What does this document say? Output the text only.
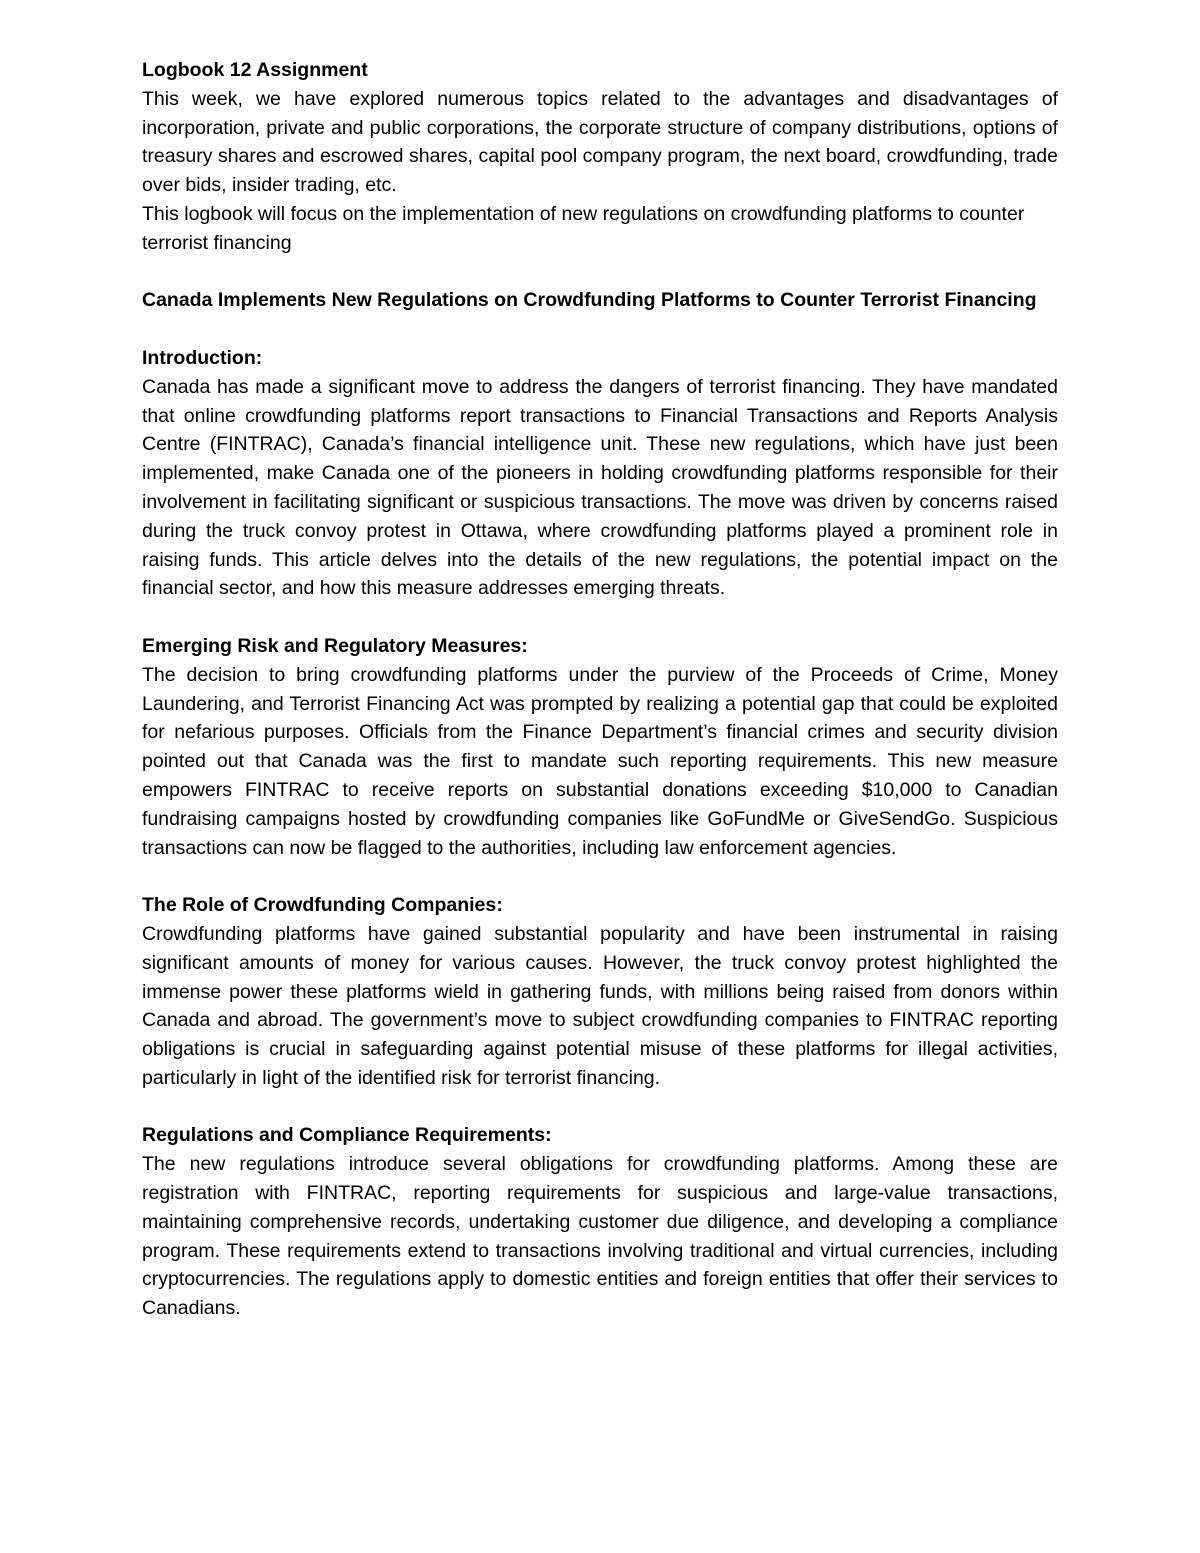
Logbook 12 Assignment

This week, we have explored numerous topics related to the advantages and disadvantages of incorporation, private and public corporations, the corporate structure of company distributions, options of treasury shares and escrowed shares, capital pool company program, the next board, crowdfunding, trade over bids, insider trading, etc.

This logbook will focus on the implementation of new regulations on crowdfunding platforms to counter terrorist financing

Canada Implements New Regulations on Crowdfunding Platforms to Counter Terrorist Financing

Introduction:

Canada has made a significant move to address the dangers of terrorist financing. They have mandated that online crowdfunding platforms report transactions to Financial Transactions and Reports Analysis Centre (FINTRAC), Canada’s financial intelligence unit. These new regulations, which have just been implemented, make Canada one of the pioneers in holding crowdfunding platforms responsible for their involvement in facilitating significant or suspicious transactions. The move was driven by concerns raised during the truck convoy protest in Ottawa, where crowdfunding platforms played a prominent role in raising funds. This article delves into the details of the new regulations, the potential impact on the financial sector, and how this measure addresses emerging threats.

Emerging Risk and Regulatory Measures:

The decision to bring crowdfunding platforms under the purview of the Proceeds of Crime, Money Laundering, and Terrorist Financing Act was prompted by realizing a potential gap that could be exploited for nefarious purposes. Officials from the Finance Department’s financial crimes and security division pointed out that Canada was the first to mandate such reporting requirements. This new measure empowers FINTRAC to receive reports on substantial donations exceeding $10,000 to Canadian fundraising campaigns hosted by crowdfunding companies like GoFundMe or GiveSendGo. Suspicious transactions can now be flagged to the authorities, including law enforcement agencies.

The Role of Crowdfunding Companies:

Crowdfunding platforms have gained substantial popularity and have been instrumental in raising significant amounts of money for various causes. However, the truck convoy protest highlighted the immense power these platforms wield in gathering funds, with millions being raised from donors within Canada and abroad. The government’s move to subject crowdfunding companies to FINTRAC reporting obligations is crucial in safeguarding against potential misuse of these platforms for illegal activities, particularly in light of the identified risk for terrorist financing.

Regulations and Compliance Requirements:

The new regulations introduce several obligations for crowdfunding platforms. Among these are registration with FINTRAC, reporting requirements for suspicious and large-value transactions, maintaining comprehensive records, undertaking customer due diligence, and developing a compliance program. These requirements extend to transactions involving traditional and virtual currencies, including cryptocurrencies. The regulations apply to domestic entities and foreign entities that offer their services to Canadians.
